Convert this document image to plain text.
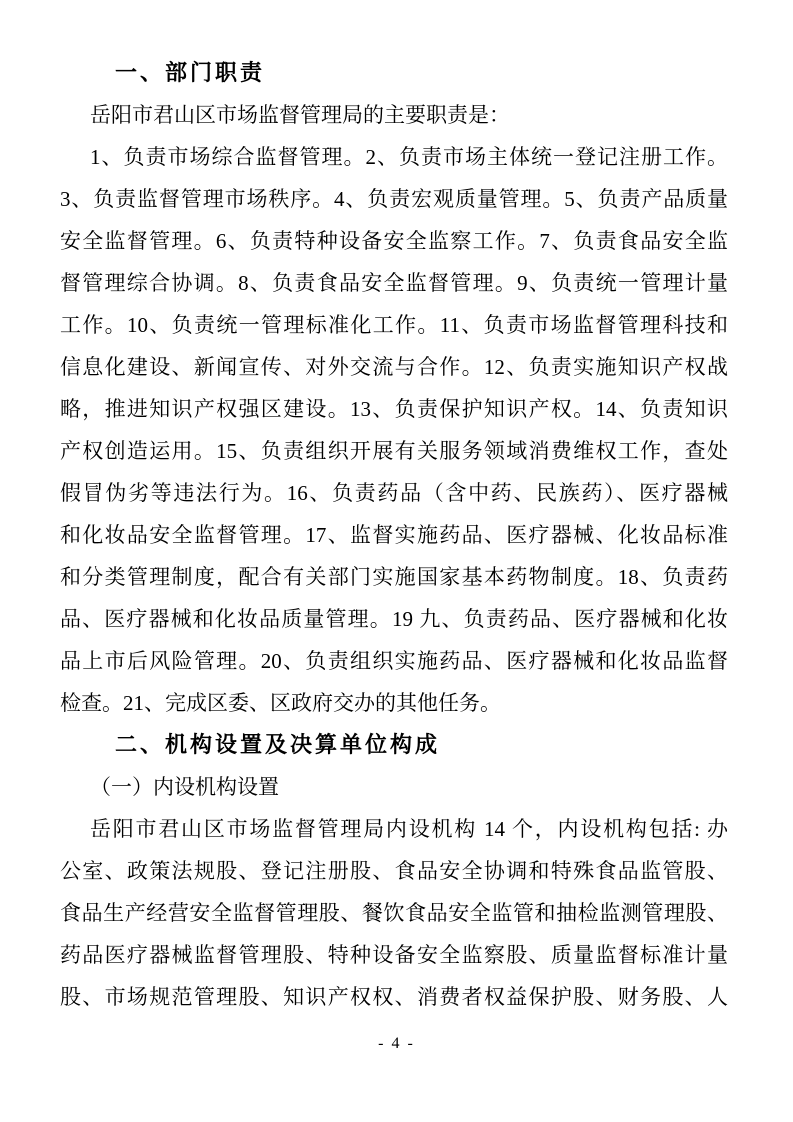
一、部门职责
岳阳市君山区市场监督管理局的主要职责是：
1、负责市场综合监督管理。2、负责市场主体统一登记注册工作。
3、负责监督管理市场秩序。4、负责宏观质量管理。5、负责产品质量
安全监督管理。6、负责特种设备安全监察工作。7、负责食品安全监
督管理综合协调。8、负责食品安全监督管理。9、负责统一管理计量
工作。10、负责统一管理标准化工作。11、负责市场监督管理科技和
信息化建设、新闻宣传、对外交流与合作。12、负责实施知识产权战
略，推进知识产权强区建设。13、负责保护知识产权。14、负责知识
产权创造运用。15、负责组织开展有关服务领域消费维权工作，查处
假冒伪劣等违法行为。16、负责药品（含中药、民族药）、医疗器械
和化妆品安全监督管理。17、监督实施药品、医疗器械、化妆品标准
和分类管理制度，配合有关部门实施国家基本药物制度。18、负责药
品、医疗器械和化妆品质量管理。19 九、负责药品、医疗器械和化妆
品上市后风险管理。20、负责组织实施药品、医疗器械和化妆品监督
检查。21、完成区委、区政府交办的其他任务。
二、机构设置及决算单位构成
（一）内设机构设置
岳阳市君山区市场监督管理局内设机构 14 个，内设机构包括: 办
公室、政策法规股、登记注册股、食品安全协调和特殊食品监管股、
食品生产经营安全监督管理股、餐饮食品安全监管和抽检监测管理股、
药品医疗器械监督管理股、特种设备安全监察股、质量监督标准计量
股、市场规范管理股、知识产权权、消费者权益保护股、财务股、人
- 4 -
